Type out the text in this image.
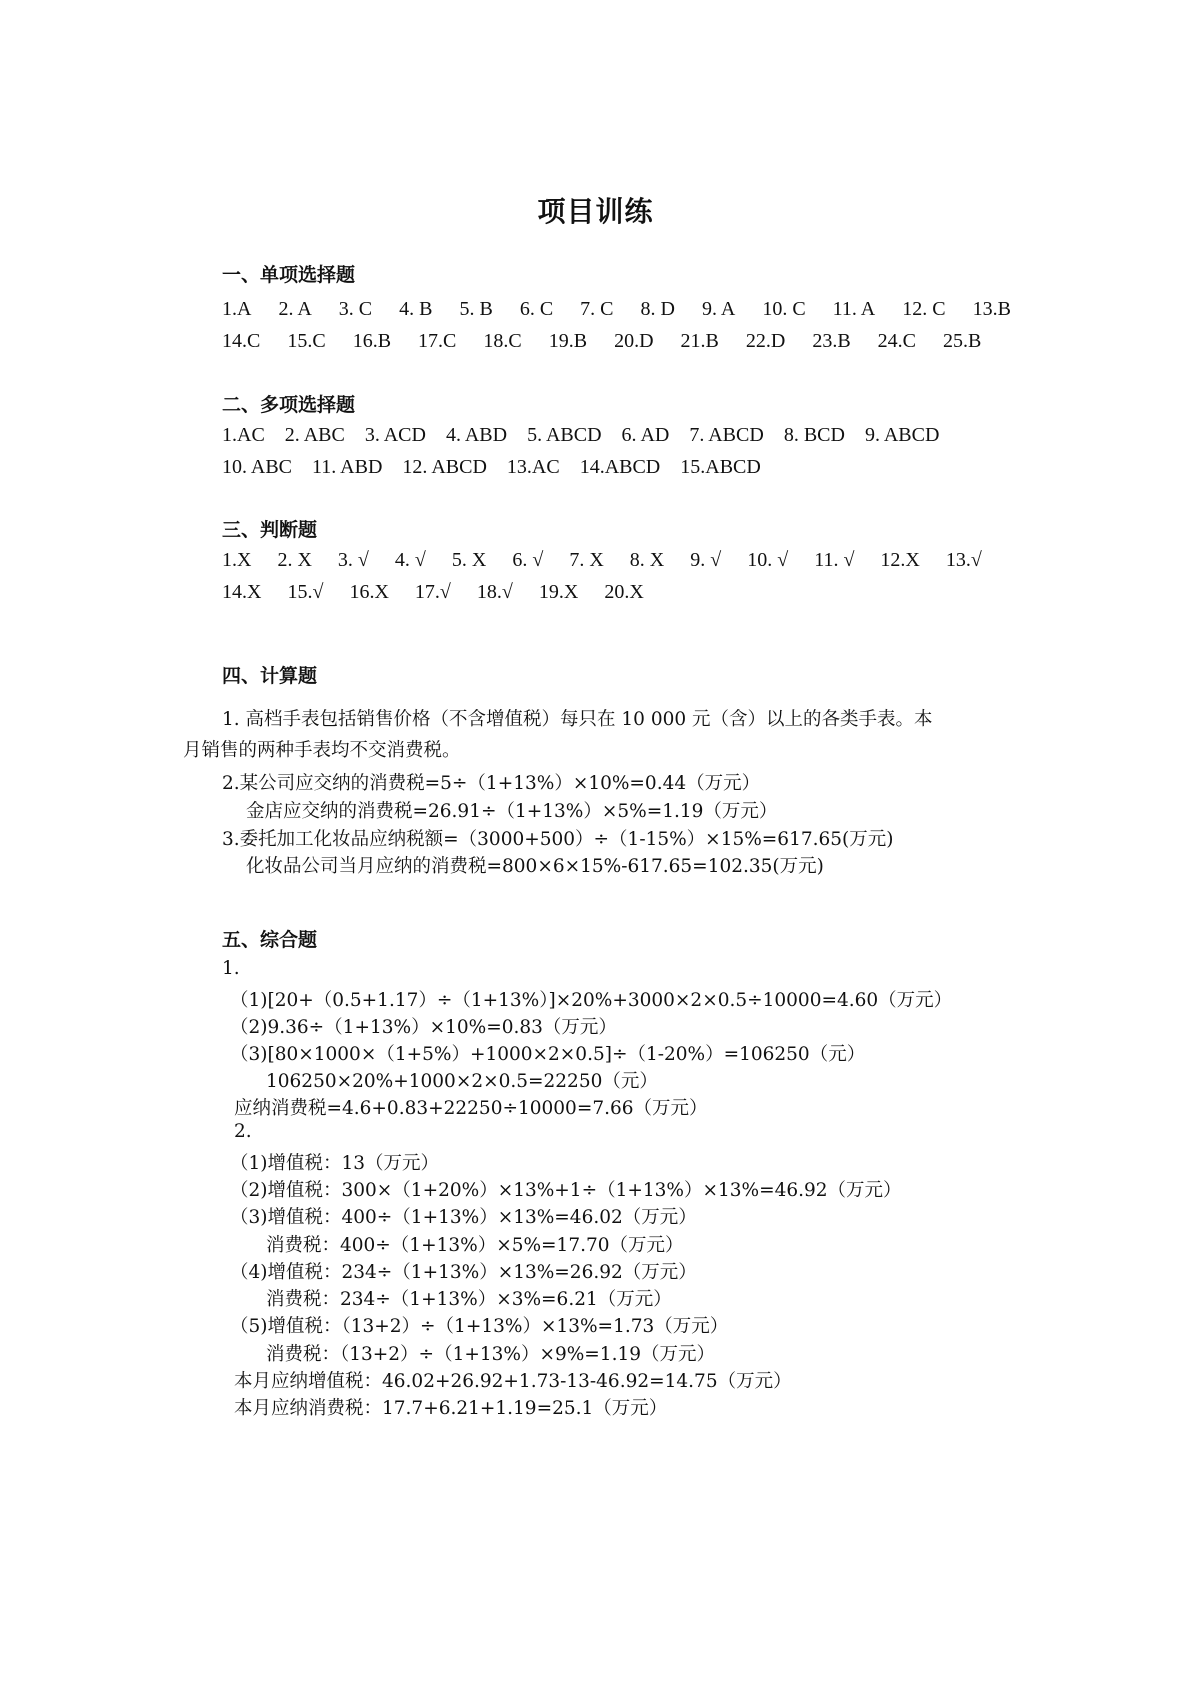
项目训练
一、单项选择题
1.A 2. A 3. C 4. B 5. B 6. C 7. C 8. D 9. A 10. C 11. A 12. C 13.B
14.C 15.C 16.B 17.C 18.C 19.B 20.D 21.B 22.D 23.B 24.C 25.B
二、多项选择题
1.AC 2. ABC 3. ACD 4. ABD 5. ABCD 6. AD 7. ABCD 8. BCD 9. ABCD
10. ABC 11. ABD 12. ABCD 13.AC 14.ABCD 15.ABCD
三、判断题
1.X 2. X 3. √ 4. √ 5. X 6. √ 7. X 8. X 9. √ 10. √ 11. √ 12.X 13.√
14.X 15.√ 16.X 17.√ 18.√ 19.X 20.X
四、计算题
1. 高档手表包括销售价格（不含增值税）每只在 10 000 元（含）以上的各类手表。本
月销售的两种手表均不交消费税。
2.某公司应交纳的消费税=5÷（1+13%）×10%=0.44（万元）
金店应交纳的消费税=26.91÷（1+13%）×5%=1.19（万元）
3.委托加工化妆品应纳税额=（3000+500）÷（1-15%）×15%=617.65(万元)
化妆品公司当月应纳的消费税=800×6×15%-617.65=102.35(万元)
五、综合题
1.
（1)[20+（0.5+1.17）÷（1+13%）]×20%+3000×2×0.5÷10000=4.60（万元）
（2)9.36÷（1+13%）×10%=0.83（万元）
（3)[80×1000×（1+5%）+1000×2×0.5]÷（1-20%）=106250（元）
106250×20%+1000×2×0.5=22250（元）
应纳消费税=4.6+0.83+22250÷10000=7.66（万元）
2.
（1)增值税：13（万元）
（2)增值税：300×（1+20%）×13%+1÷（1+13%）×13%=46.92（万元）
（3)增值税：400÷（1+13%）×13%=46.02（万元）
消费税：400÷（1+13%）×5%=17.70（万元）
（4)增值税：234÷（1+13%）×13%=26.92（万元）
消费税：234÷（1+13%）×3%=6.21（万元）
（5)增值税：（13+2）÷（1+13%）×13%=1.73（万元）
消费税：（13+2）÷（1+13%）×9%=1.19（万元）
本月应纳增值税：46.02+26.92+1.73-13-46.92=14.75（万元）
本月应纳消费税：17.7+6.21+1.19=25.1（万元）
